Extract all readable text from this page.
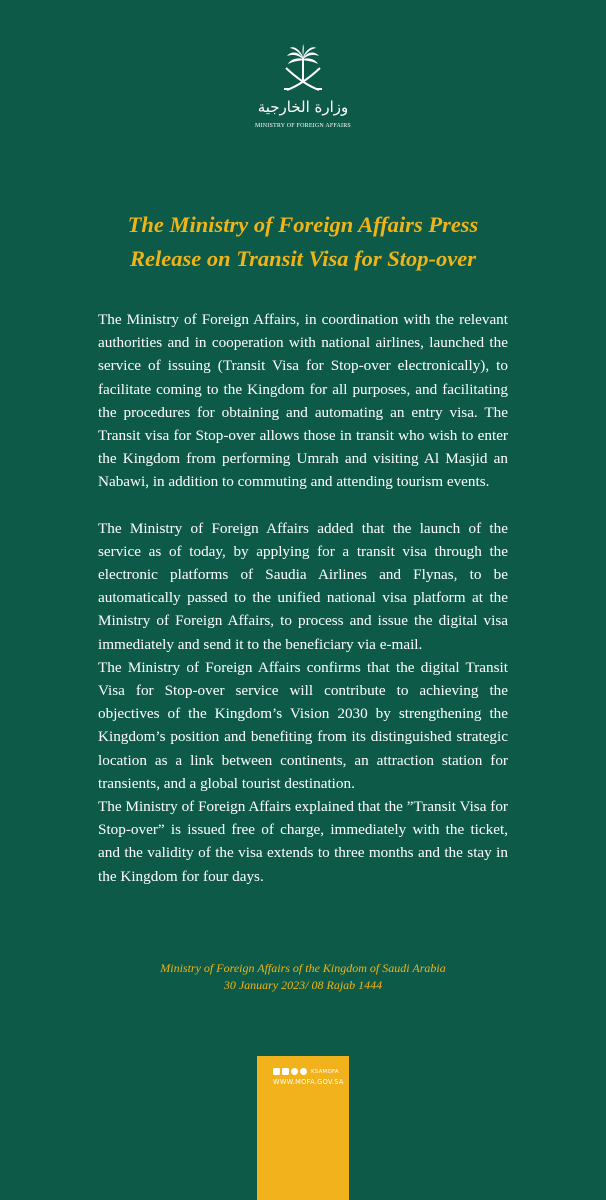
وزارة الخارجية
MINISTRY OF FOREIGN AFFAIRS
The Ministry of Foreign Affairs Press
Release on Transit Visa for Stop-over

The Ministry of Foreign Affairs, in coordination with the relevant authorities and in cooperation with national airlines, launched the service of issuing (Transit Visa for Stop-over electronically), to facilitate coming to the Kingdom for all purposes, and facilitating the procedures for obtaining and automating an entry visa. The Transit visa for Stop-over allows those in transit who wish to enter the Kingdom from performing Umrah and visiting Al Masjid an Nabawi, in addition to commuting and attending tourism events.

The Ministry of Foreign Affairs added that the launch of the service as of today, by applying for a transit visa through the electronic platforms of Saudia Airlines and Flynas, to be automatically passed to the unified national visa platform at the Ministry of Foreign Affairs, to process and issue the digital visa immediately and send it to the beneficiary via e-mail.

The Ministry of Foreign Affairs confirms that the digital Transit Visa for Stop-over service will contribute to achieving the objectives of the Kingdom’s Vision 2030 by strengthening the Kingdom’s position and benefiting from its distinguished strategic location as a link between continents, an attraction station for transients, and a global tourist destination.

The Ministry of Foreign Affairs explained that the ”Transit Visa for Stop-over” is issued free of charge, immediately with the ticket, and the validity of the visa extends to three months and the stay in the Kingdom for four days.

Ministry of Foreign Affairs of the Kingdom of Saudi Arabia
30 January 2023/ 08 Rajab 1444
KSAMOFA
WWW.MOFA.GOV.SA
